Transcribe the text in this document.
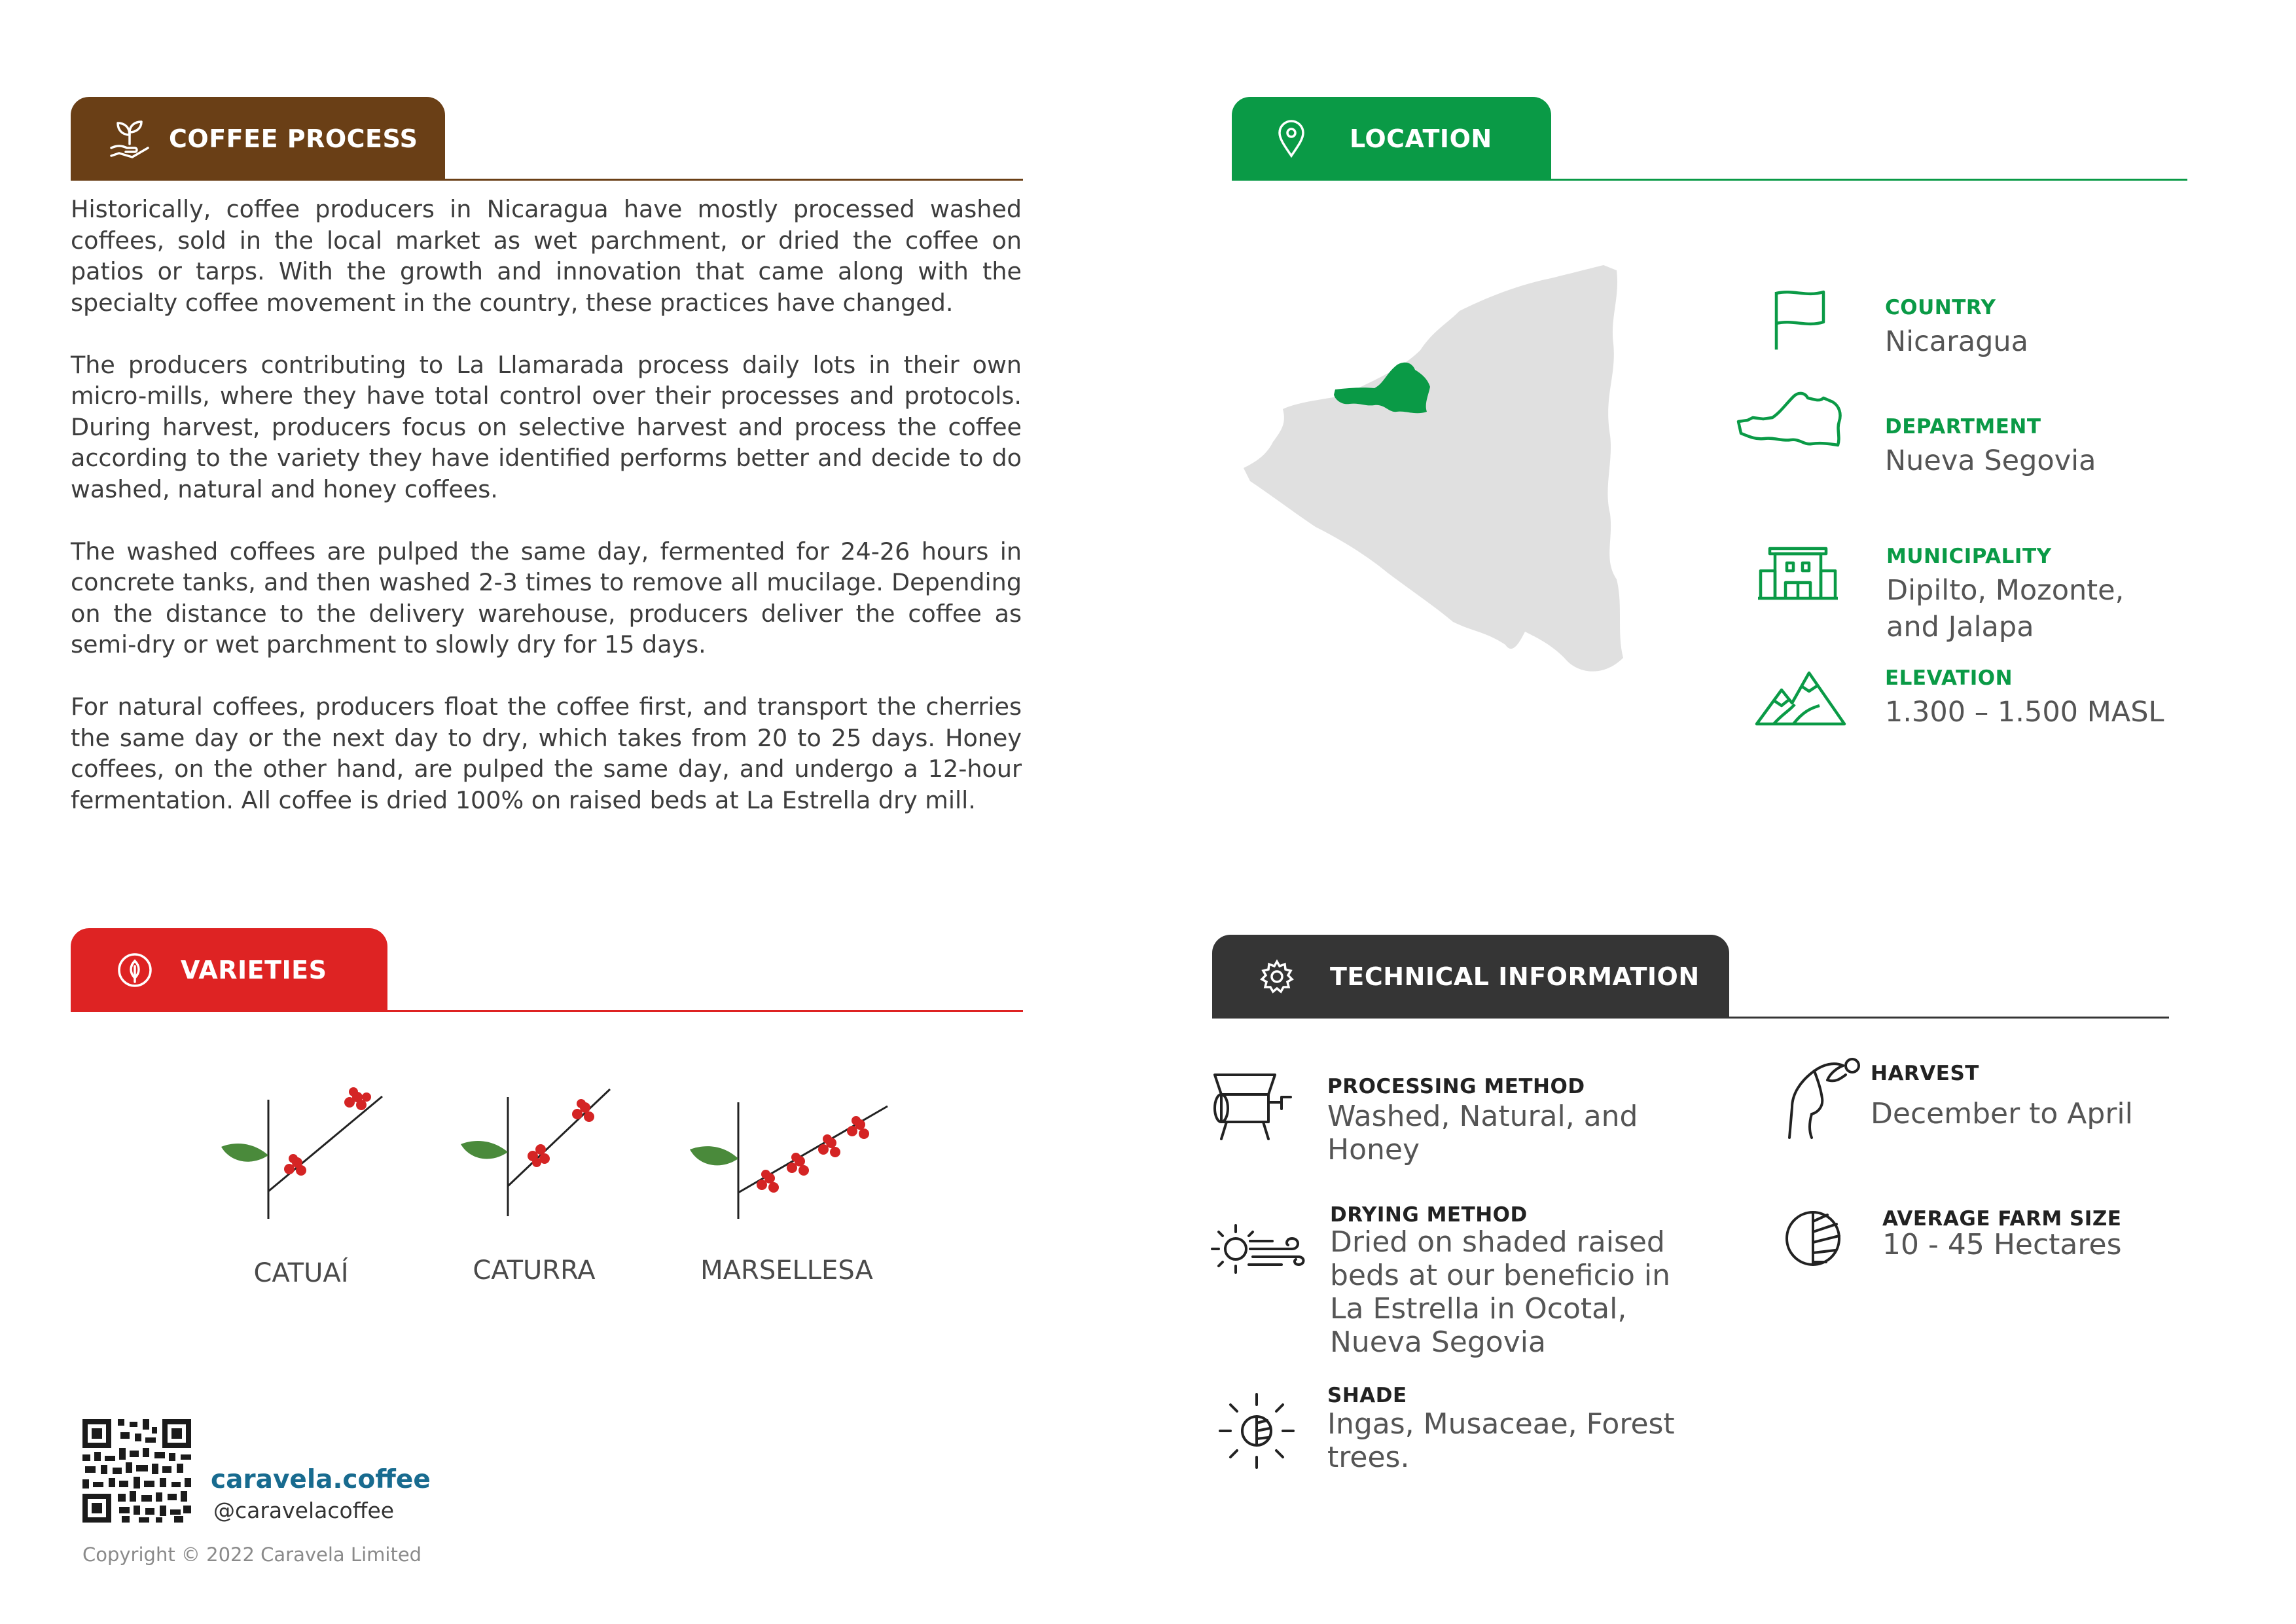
COFFEE PROCESS

Historically, coffee producers in Nicaragua have mostly processed washed coffees, sold in the local market as wet parchment, or dried the coffee on patios or tarps. With the growth and innovation that came along with the specialty coffee movement in the country, these practices have changed.

The producers contributing to La Llamarada process daily lots in their own micro-mills, where they have total control over their processes and protocols. During harvest, producers focus on selective harvest and process the coffee according to the variety they have identified performs better and decide to do washed, natural and honey coffees.

The washed coffees are pulped the same day, fermented for 24-26 hours in concrete tanks, and then washed 2-3 times to remove all mucilage. Depending on the distance to the delivery warehouse, producers deliver the coffee as semi-dry or wet parchment to slowly dry for 15 days.

For natural coffees, producers float the coffee first, and transport the cherries the same day or the next day to dry, which takes from 20 to 25 days. Honey coffees, on the other hand, are pulped the same day, and undergo a 12-hour fermentation. All coffee is dried 100% on raised beds at La Estrella dry mill.

LOCATION
COUNTRY
Nicaragua
DEPARTMENT
Nueva Segovia
MUNICIPALITY
Dipilto, Mozonte,
and Jalapa
ELEVATION
1.300 – 1.500 MASL
VARIETIES
CATUAÍ	CATURRA	MARSELLESA
TECHNICAL INFORMATION
PROCESSING METHOD
Washed, Natural, and
Honey
DRYING METHOD
Dried on shaded raised
beds at our beneficio in
La Estrella in Ocotal,
Nueva Segovia
SHADE
Ingas, Musaceae, Forest
trees.
HARVEST
December to April
AVERAGE FARM SIZE
10 - 45 Hectares
caravela.coffee
@caravelacoffee
Copyright © 2022 Caravela Limited
